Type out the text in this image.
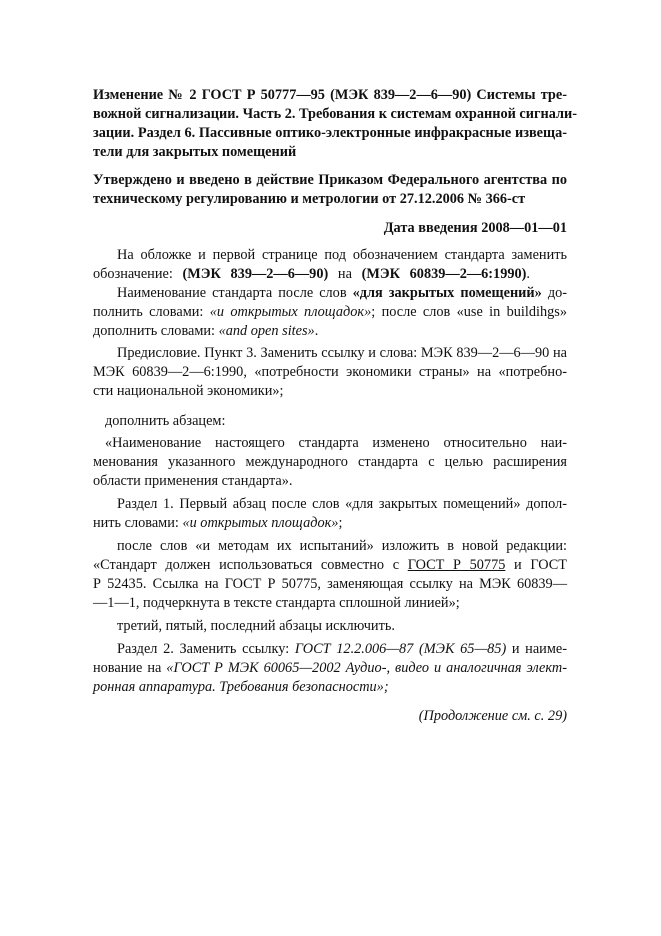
Изменение № 2 ГОСТ Р 50777—95 (МЭК 839—2—6—90) Системы тре-
вожной сигнализации. Часть 2. Требования к системам охранной сигнали-
зации. Раздел 6. Пассивные оптико-электронные инфракрасные извеща-
тели для закрытых помещений
Утверждено и введено в действие Приказом Федерального агентства по
техническому регулированию и метрологии от 27.12.2006 № 366-ст
Дата введения 2008—01—01
На обложке и первой странице под обозначением стандарта заменить
обозначение: (МЭК 839—2—6—90) на (МЭК 60839—2—6:1990).
Наименование стандарта после слов «для закрытых помещений» до-
полнить словами: «и открытых площадок»; после слов «use in buildihgs»
дополнить словами: «and open sites».
Предисловие. Пункт 3. Заменить ссылку и слова: МЭК 839—2—6—90 на
МЭК 60839—2—6:1990, «потребности экономики страны» на «потребно-
сти национальной экономики»;
дополнить абзацем:
«Наименование настоящего стандарта изменено относительно наи-
менования указанного международного стандарта с целью расширения
области применения стандарта».
Раздел 1. Первый абзац после слов «для закрытых помещений» допол-
нить словами: «и открытых площадок»;
после слов «и методам их испытаний» изложить в новой редакции:
«Стандарт должен использоваться совместно с ГОСТ Р 50775 и ГОСТ
Р 52435. Ссылка на ГОСТ Р 50775, заменяющая ссылку на МЭК 60839—
—1—1, подчеркнута в тексте стандарта сплошной линией»;
третий, пятый, последний абзацы исключить.
Раздел 2. Заменить ссылку: ГОСТ 12.2.006—87 (МЭК 65—85) и наиме-
нование на «ГОСТ Р МЭК 60065—2002 Аудио-, видео и аналогичная элект-
ронная аппаратура. Требования безопасности»;
(Продолжение см. с. 29)
